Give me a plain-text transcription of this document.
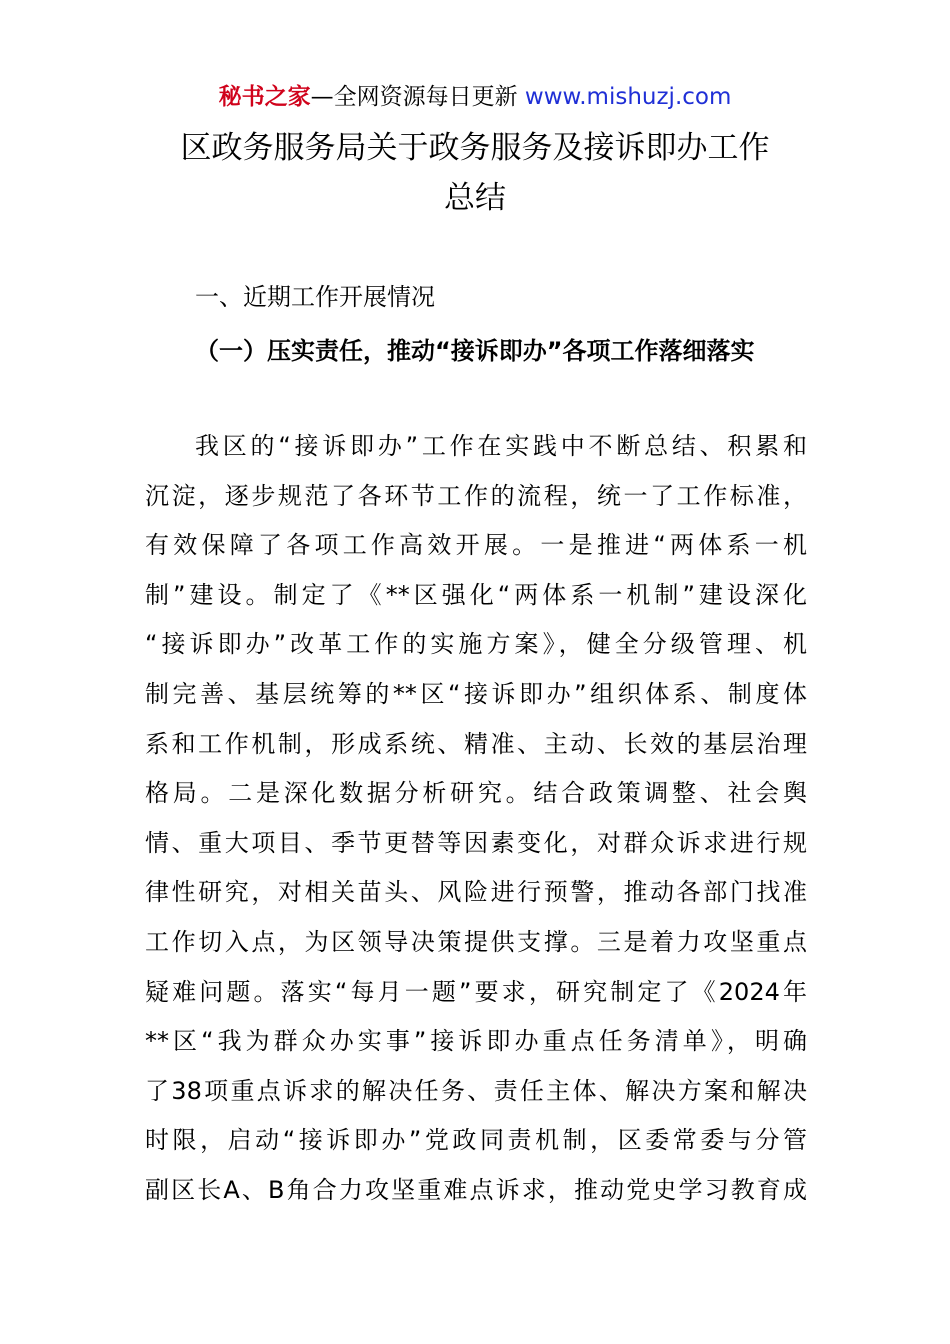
秘书之家—全网资源每日更新 www.mishuzj.com
区政务服务局关于政务服务及接诉即办工作
总结
一、近期工作开展情况
（一）压实责任，推动“接诉即办”各项工作落细落实
我区的“接诉即办”工作在实践中不断总结、积累和
沉淀，逐步规范了各环节工作的流程，统一了工作标准，
有效保障了各项工作高效开展。一是推进“两体系一机
制”建设。制定了《**区强化“两体系一机制”建设深化
“接诉即办”改革工作的实施方案》，健全分级管理、机
制完善、基层统筹的**区“接诉即办”组织体系、制度体
系和工作机制，形成系统、精准、主动、长效的基层治理
格局。二是深化数据分析研究。结合政策调整、社会舆
情、重大项目、季节更替等因素变化，对群众诉求进行规
律性研究，对相关苗头、风险进行预警，推动各部门找准
工作切入点，为区领导决策提供支撑。三是着力攻坚重点
疑难问题。落实“每月一题”要求，研究制定了《2024年
**区“我为群众办实事”接诉即办重点任务清单》，明确
了38项重点诉求的解决任务、责任主体、解决方案和解决
时限，启动“接诉即办”党政同责机制，区委常委与分管
副区长A、B角合力攻坚重难点诉求，推动党史学习教育成
